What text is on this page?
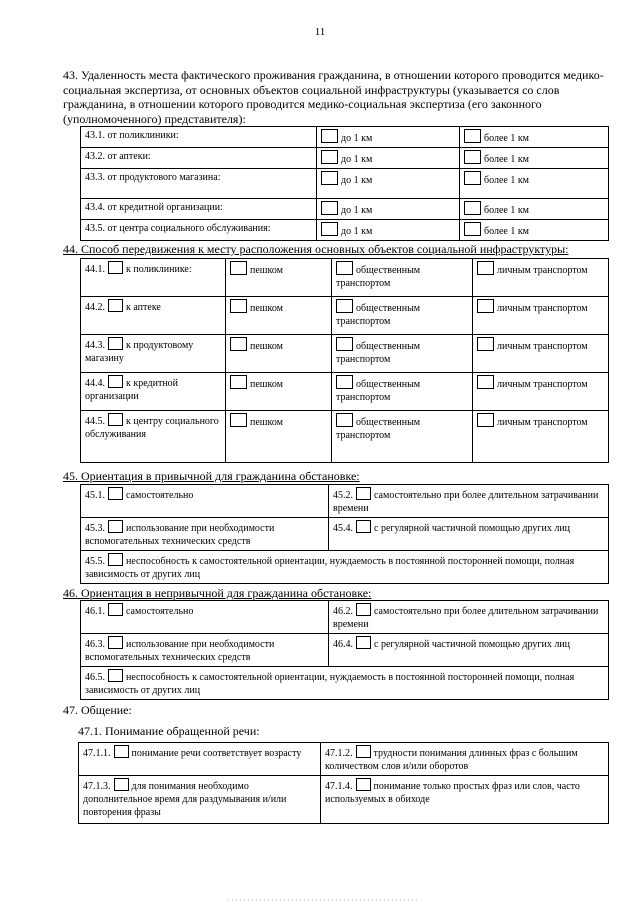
11
43. Удаленность места фактического проживания гражданина, в отношении которого проводится медико-социальная экспертиза, от основных объектов социальной инфраструктуры (указывается со слов гражданина, в отношении которого проводится медико-социальная экспертиза (его законного (уполномоченного) представителя):
43.1. от поликлиники:	до 1 км	более 1 км
43.2. от аптеки:	до 1 км	более 1 км
43.3. от продуктового магазина:	до 1 км	более 1 км
43.4. от кредитной организации:	до 1 км	более 1 км
43.5. от центра социального обслуживания:	до 1 км	более 1 км
44. Способ передвижения к месту расположения основных объектов социальной инфраструктуры:
44.1. к поликлинике:	пешком	общественным транспортом	личным транспортом
44.2. к аптеке	пешком	общественным транспортом	личным транспортом
44.3. к продуктовому магазину	пешком	общественным транспортом	личным транспортом
44.4. к кредитной организации	пешком	общественным транспортом	личным транспортом
44.5. к центру социального обслуживания	пешком	общественным транспортом	личным транспортом
45. Ориентация в привычной для гражданина обстановке:
45.1. самостоятельно	45.2. самостоятельно при более длительном затрачивании времени
45.3. использование при необходимости вспомогательных технических средств	45.4. с регулярной частичной помощью других лиц
45.5. неспособность к самостоятельной ориентации, нуждаемость в постоянной посторонней помощи, полная зависимость от других лиц	
46. Ориентация в непривычной для гражданина обстановке:
46.1. самостоятельно	46.2. самостоятельно при более длительном затрачивании времени
46.3. использование при необходимости вспомогательных технических средств	46.4. с регулярной частичной помощью других лиц
46.5. неспособность к самостоятельной ориентации, нуждаемость в постоянной посторонней помощи, полная зависимость от других лиц	
47. Общение:
47.1. Понимание обращенной речи:
47.1.1. понимание речи соответствует возрасту	47.1.2. трудности понимания длинных фраз с большим количеством слов и/или оборотов
47.1.3. для понимания необходимо дополнительное время для раздумывания и/или повторения фразы	47.1.4. понимание только простых фраз или слов, часто используемых в обиходе
